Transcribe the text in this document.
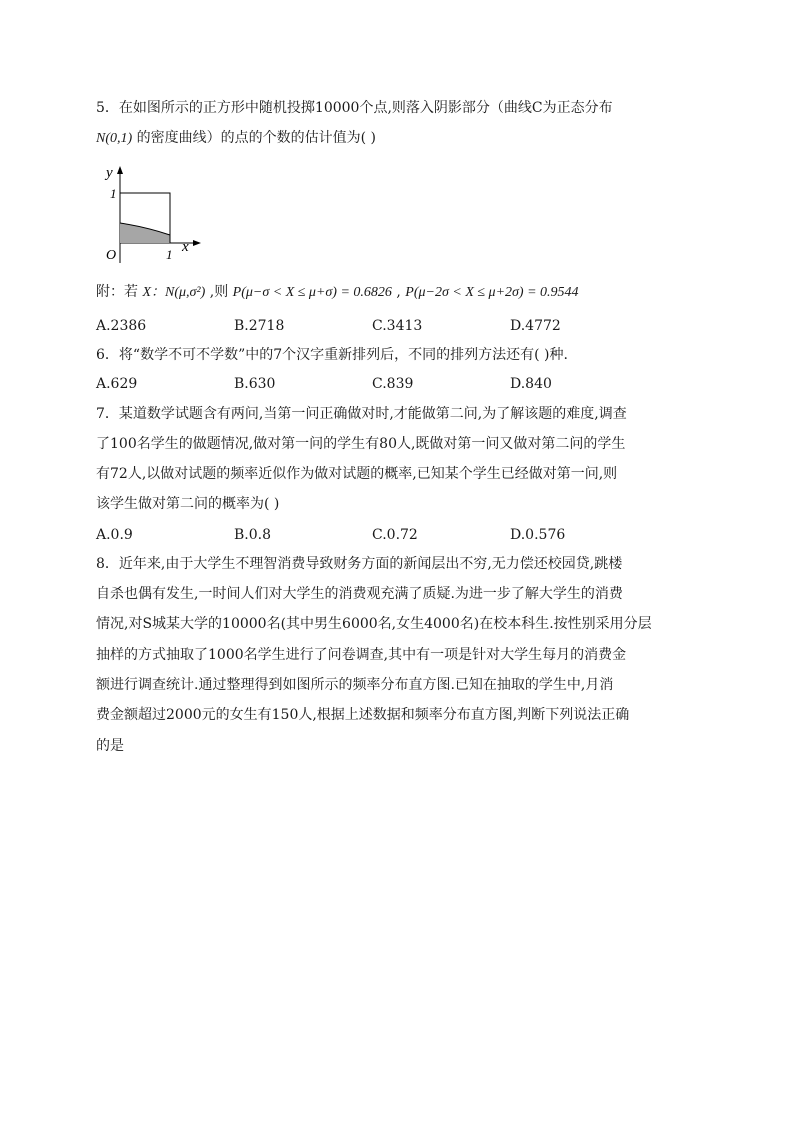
5．在如图所示的正方形中随机投掷10000个点,则落入阴影部分（曲线C为正态分布
N(0,1) 的密度曲线）的点的个数的估计值为( )
y
1
O	1 x
附：若 X：N(μ,σ²) ,则 P(μ−σ < X ≤ μ+σ) = 0.6826 , P(μ−2σ < X ≤ μ+2σ) = 0.9544
A.2386	B.2718	C.3413	D.4772
6．将“数学不可不学数”中的7个汉字重新排列后，不同的排列方法还有( )种.
A.629	B.630	C.839	D.840
7．某道数学试题含有两问,当第一问正确做对时,才能做第二问,为了解该题的难度,调查
了100名学生的做题情况,做对第一问的学生有80人,既做对第一问又做对第二问的学生
有72人,以做对试题的频率近似作为做对试题的概率,已知某个学生已经做对第一问,则
该学生做对第二问的概率为( )
A.0.9	B.0.8	C.0.72	D.0.576
8．近年来,由于大学生不理智消费导致财务方面的新闻层出不穷,无力偿还校园贷,跳楼
自杀也偶有发生,一时间人们对大学生的消费观充满了质疑.为进一步了解大学生的消费
情况,对S城某大学的10000名(其中男生6000名,女生4000名)在校本科生.按性别采用分层
抽样的方式抽取了1000名学生进行了问卷调查,其中有一项是针对大学生每月的消费金
额进行调查统计.通过整理得到如图所示的频率分布直方图.已知在抽取的学生中,月消
费金额超过2000元的女生有150人,根据上述数据和频率分布直方图,判断下列说法正确
的是
